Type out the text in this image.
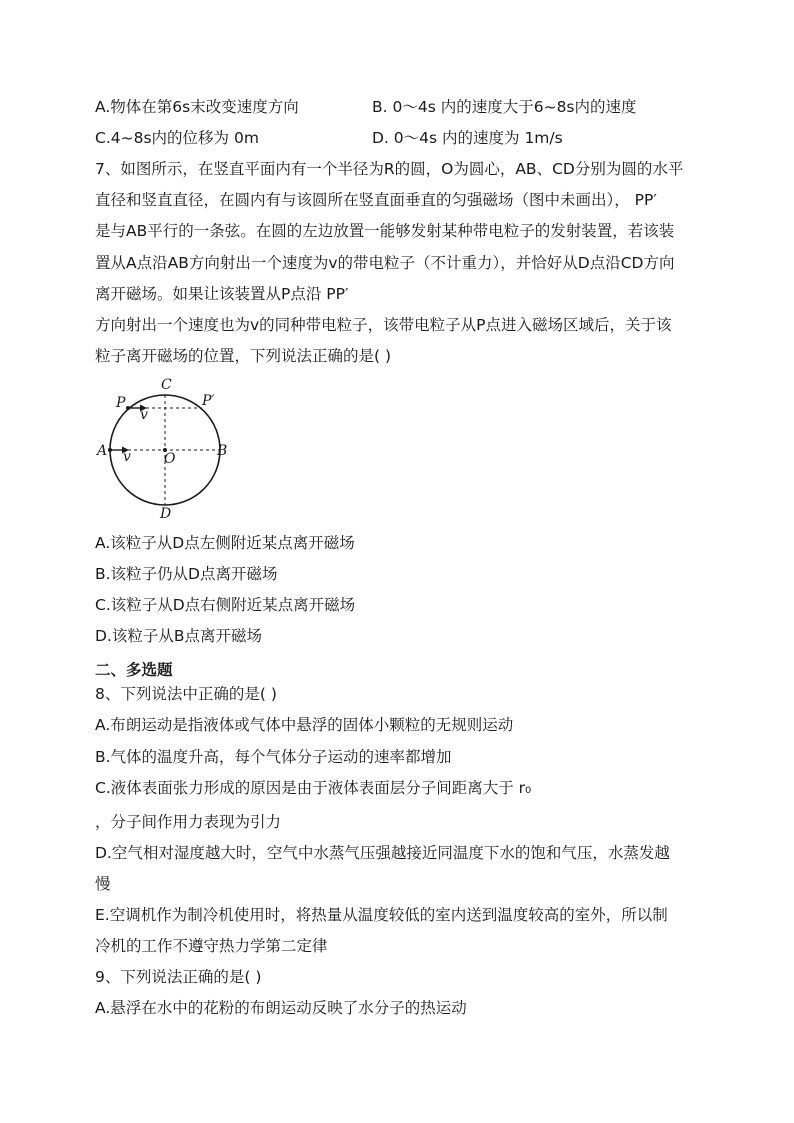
A.物体在第6s末改变速度方向	B. 0～4s 内的速度大于6~8s内的速度
C.4~8s内的位移为 0m	D. 0～4s 内的速度为 1m/s
7、如图所示，在竖直平面内有一个半径为R的圆，O为圆心，AB、CD分别为圆的水平
直径和竖直直径，在圆内有与该圆所在竖直面垂直的匀强磁场（图中未画出）， PP′
是与AB平行的一条弦。在圆的左边放置一能够发射某种带电粒子的发射装置，若该装
置从A点沿AB方向射出一个速度为v的带电粒子（不计重力），并恰好从D点沿CD方向
离开磁场。如果让该装置从P点沿 PP′
方向射出一个速度也为v的同种带电粒子，该带电粒子从P点进入磁场区域后，关于该
粒子离开磁场的位置，下列说法正确的是( )
C
P	P′
v
A v O	B
D
A.该粒子从D点左侧附近某点离开磁场
B.该粒子仍从D点离开磁场
C.该粒子从D点右侧附近某点离开磁场
D.该粒子从B点离开磁场
二、多选题
8、下列说法中正确的是( )
A.布朗运动是指液体或气体中悬浮的固体小颗粒的无规则运动
B.气体的温度升高，每个气体分子运动的速率都增加
C.液体表面张力形成的原因是由于液体表面层分子间距离大于 r₀
，分子间作用力表现为引力
D.空气相对湿度越大时，空气中水蒸气压强越接近同温度下水的饱和气压，水蒸发越
慢
E.空调机作为制冷机使用时，将热量从温度较低的室内送到温度较高的室外，所以制
冷机的工作不遵守热力学第二定律
9、下列说法正确的是( )
A.悬浮在水中的花粉的布朗运动反映了水分子的热运动
